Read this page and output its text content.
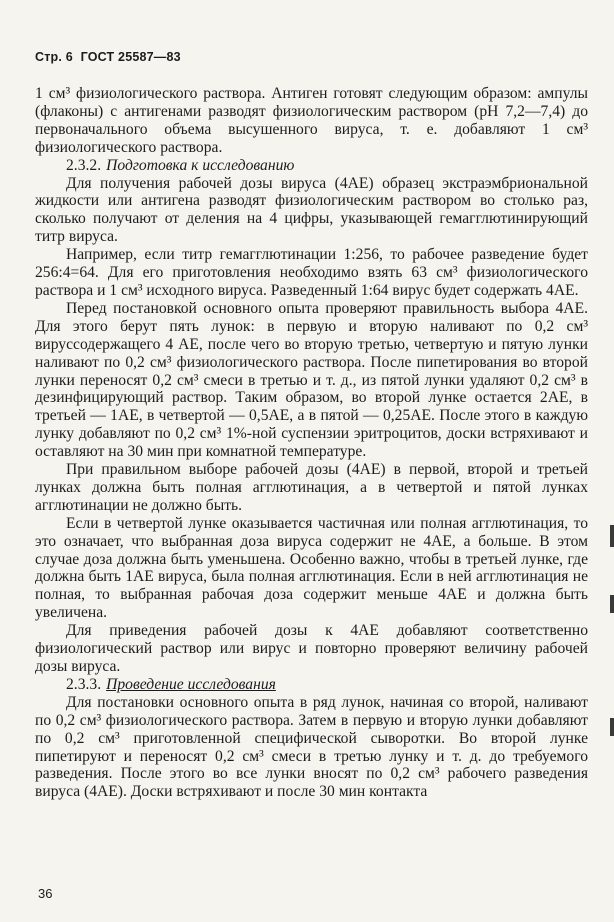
Стр. 6 ГОСТ 25587—83

1 см³ физиологического раствора. Антиген готовят следующим образом: ампулы (флаконы) с антигенами разводят физиологическим раствором (рН 7,2—7,4) до первоначального объема высушенного вируса, т. е. добавляют 1 см³ физиологического раствора.

2.3.2. Подготовка к исследованию

Для получения рабочей дозы вируса (4АЕ) образец экстраэмбриональной жидкости или антигена разводят физиологическим раствором во столько раз, сколько получают от деления на 4 цифры, указывающей гемагглютинирующий титр вируса.

Например, если титр гемагглютинации 1:256, то рабочее разведение будет 256:4=64. Для его приготовления необходимо взять 63 см³ физиологического раствора и 1 см³ исходного вируса. Разведенный 1:64 вирус будет содержать 4АЕ.

Перед постановкой основного опыта проверяют правильность выбора 4АЕ. Для этого берут пять лунок: в первую и вторую наливают по 0,2 см³ вируссодержащего 4 АЕ, после чего во вторую третью, четвертую и пятую лунки наливают по 0,2 см³ физиологического раствора. После пипетирования во второй лунки переносят 0,2 см³ смеси в третью и т. д., из пятой лунки удаляют 0,2 см³ в дезинфицирующий раствор. Таким образом, во второй лунке остается 2АЕ, в третьей — 1АЕ, в четвертой — 0,5АЕ, а в пятой — 0,25АЕ. После этого в каждую лунку добавляют по 0,2 см³ 1%-ной суспензии эритроцитов, доски встряхивают и оставляют на 30 мин при комнатной температуре.

При правильном выборе рабочей дозы (4АЕ) в первой, второй и третьей лунках должна быть полная агглютинация, а в четвертой и пятой лунках агглютинации не должно быть.

Если в четвертой лунке оказывается частичная или полная агглютинация, то это означает, что выбранная доза вируса содержит не 4АЕ, а больше. В этом случае доза должна быть уменьшена. Особенно важно, чтобы в третьей лунке, где должна быть 1АЕ вируса, была полная агглютинация. Если в ней агглютинация не полная, то выбранная рабочая доза содержит меньше 4АЕ и должна быть увеличена.

Для приведения рабочей дозы к 4АЕ добавляют соответственно физиологический раствор или вирус и повторно проверяют величину рабочей дозы вируса.

2.3.3. Проведение исследования

Для постановки основного опыта в ряд лунок, начиная со второй, наливают по 0,2 см³ физиологического раствора. Затем в первую и вторую лунки добавляют по 0,2 см³ приготовленной специфической сыворотки. Во второй лунке пипетируют и переносят 0,2 см³ смеси в третью лунку и т. д. до требуемого разведения. После этого во все лунки вносят по 0,2 см³ рабочего разведения вируса (4АЕ). Доски встряхивают и после 30 мин контакта

36
